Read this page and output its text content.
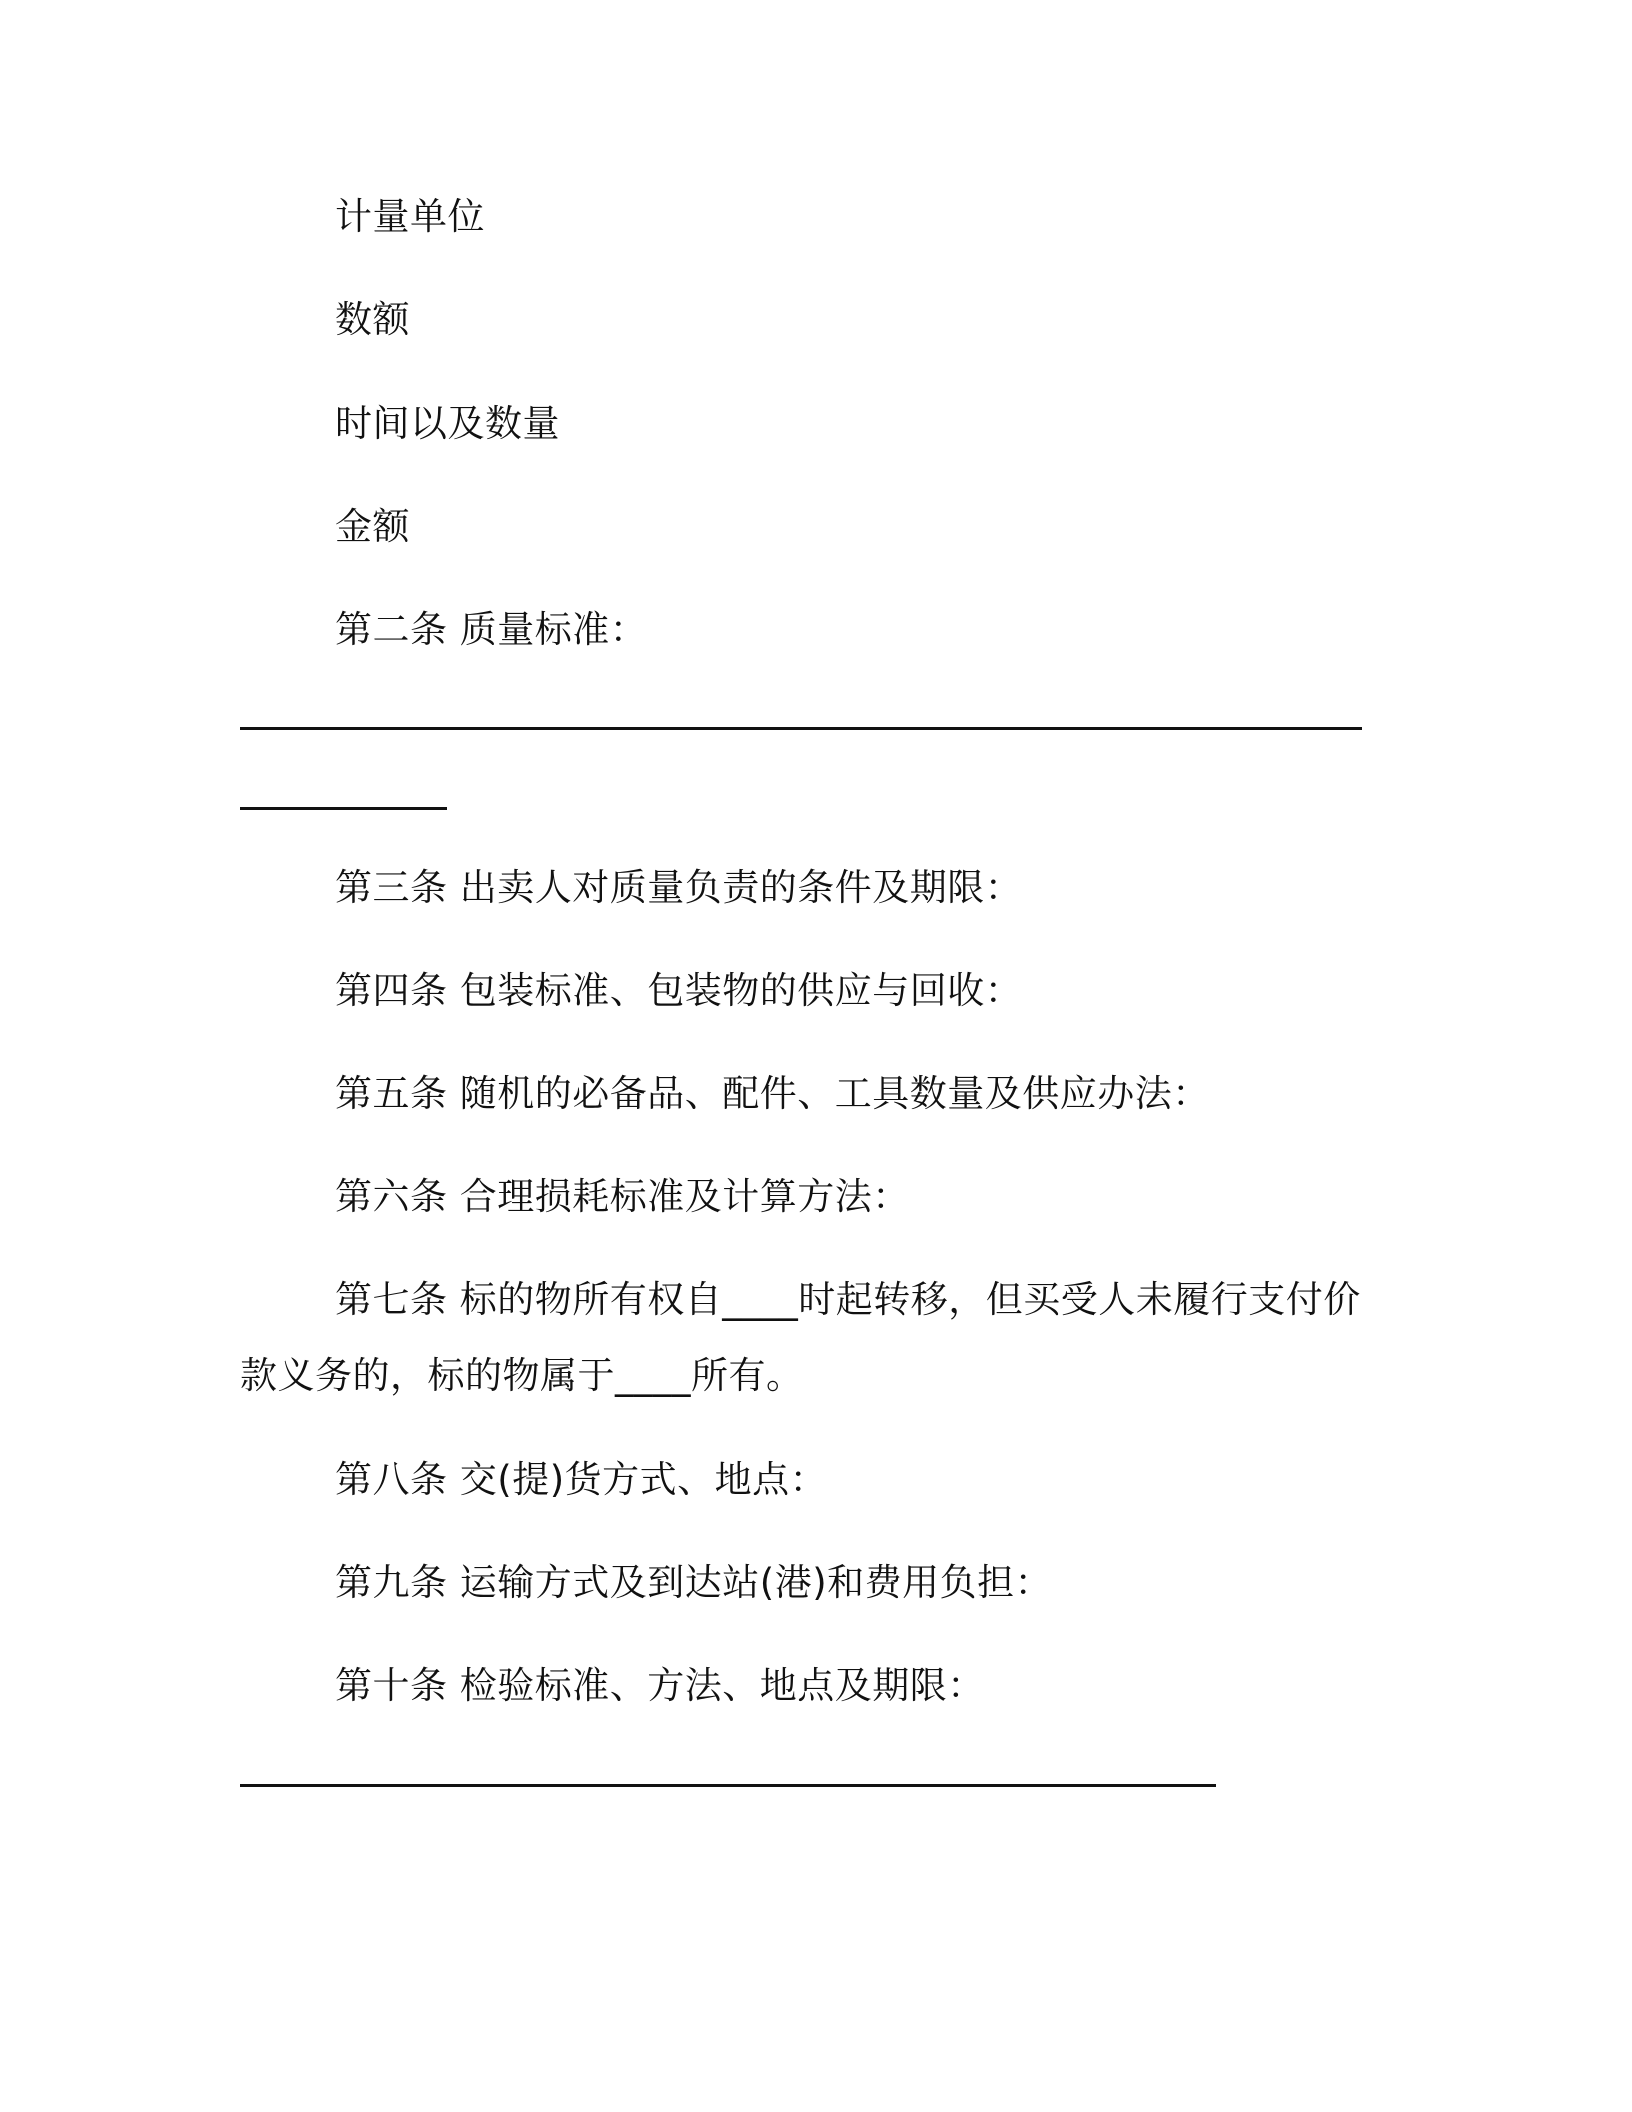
计量单位
数额
时间以及数量
金额
第二条 质量标准：
第三条 出卖人对质量负责的条件及期限：
第四条 包装标准、包装物的供应与回收：
第五条 随机的必备品、配件、工具数量及供应办法：
第六条 合理损耗标准及计算方法：
第七条 标的物所有权自____时起转移，但买受人未履行支付价
款义务的，标的物属于____所有。
第八条 交(提)货方式、地点：
第九条 运输方式及到达站(港)和费用负担：
第十条 检验标准、方法、地点及期限：
